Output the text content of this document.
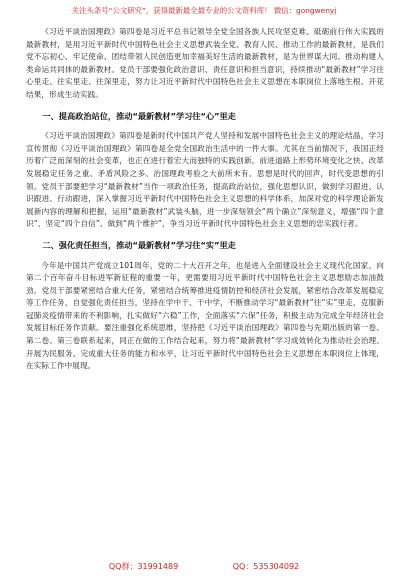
关注头条号“公文研究”，获得最新最全最专业的公文资料库！ 微信：gongwenyj

《习近平谈治国理政》第四卷是习近平总书记领导全党全国各族人民攻坚克难、砥砺前行伟大实践的最新教材，是用习近平新时代中国特色社会主义思想武装全党、教育人民、推动工作的最新教材，是我们党不忘初心、牢记使命、团结带领人民创造更加幸福美好生活的最新教材，是为世界谋大同、推动构建人类命运共同体的最新教材。党员干部要强化政治意识、责任意识和担当意识，持续推动“最新教材”学习往心里走、往实里走、往深里走，努力让习近平新时代中国特色社会主义思想在本职岗位上落地生根、开花结果，形成生动实践。

一、提高政治站位，推动“最新教材”学习往“心”里走

《习近平谈治国理政》第四卷是新时代中国共产党人坚持和发展中国特色社会主义的理论结晶，学习宣传贯彻《习近平谈治国理政》第四卷是全党全国政治生活中的一件大事。尤其在当前情况下，我国正经历着广泛而深刻的社会变革，也正在进行着宏大而独特的实践创新。前进道路上形势环境变化之快、改革发展稳定任务之重、矛盾风险之多、治国理政考验之大前所未有。思想是时代的回声，时代变思想的引领。党员干部要把学习“最新教材”当作一项政治任务，提高政治站位，强化思想认识，做到学习跟进、认识跟进、行动跟进，深入掌握习近平新时代中国特色社会主义思想的科学体系，加深对党的科学理论新发展新内容的理解和把握，运用“最新教材”武装头脑，进一步深刻领会“两个确立”深刻意义，增强“四个意识”、坚定“四个自信”、做到“两个维护”，争当习近平新时代中国特色社会主义思想的忠实践行者。

二、强化责任担当，推动“最新教材”学习往“实”里走

今年是中国共产党成立101周年，党的二十大召开之年，也是进入全面建设社会主义现代化国家、向第二个百年奋斗目标进军新征程的重要一年，更需要用习近平新时代中国特色社会主义思想励志加油鼓劲。党员干部要紧密结合重大任务，紧密结合统筹推进疫情防控和经济社会发展，紧密结合改革发展稳定等工作任务，自觉强化责任担当，坚持在学中干、干中学，不断推动学习“最新教材”往“实”里走，克服新冠肺炎疫情带来的不利影响，扎实做好“六稳”工作，全面落实“六保”任务，积极主动为完成全年经济社会发展目标任务作贡献。要注重强化系统思维，坚持把《习近平谈治国理政》第四卷与先期出版的第一卷、第二卷、第三卷联系起来，同正在做的工作结合起来，努力将“最新教材”学习成效转化为推动社会治理、开展为民服务、完成重大任务的能力和水平，让习近平新时代中国特色社会主义思想在本职岗位上体现，在实际工作中展现。

QQ群：31991489	QQ：535304092
